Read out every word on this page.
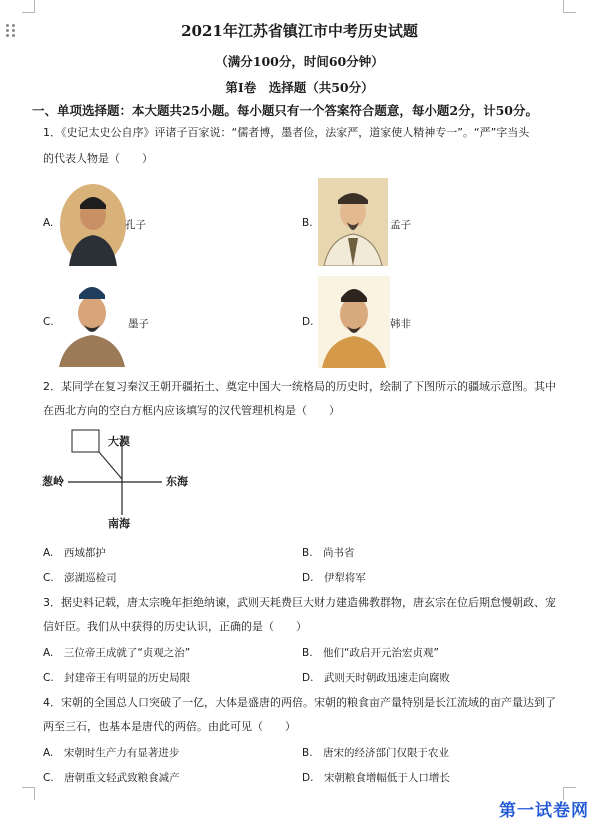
2021年江苏省镇江市中考历史试题
（满分100分，时间60分钟）
第Ⅰ卷　选择题（共50分）
一、单项选择题：本大题共25小题。每小题只有一个答案符合题意，每小题2分，计50分。
1．《史记太史公自序》评诸子百家说：“儒者博，墨者俭，法家严，道家使人精神专一”。“严”字当头
的代表人物是（　　）
A.	孔子	B.	孟子
C.	墨子	D.	韩非
2．某同学在复习秦汉王朝开疆拓土、奠定中国大一统格局的历史时，绘制了下图所示的疆域示意图。其中
在西北方向的空白方框内应该填写的汉代管理机构是（　　）
大漠
葱岭	东海
南海
A.　 西域都护	B.　 尚书省
C.　 澎湖巡检司	D.　 伊犁将军
3．据史料记载，唐太宗晚年拒绝纳谏，武则天耗费巨大财力建造佛教群物，唐玄宗在位后期怠慢朝政、宠
信奸臣。我们从中获得的历史认识，正确的是（　　）
A.　 三位帝王成就了“贞观之治”	B.　 他们“政启开元治宏贞观”
C.　 封建帝王有明显的历史局限	D.　 武则天时朝政迅速走向腐败
4．宋朝的全国总人口突破了一亿，大体是盛唐的两倍。宋朝的粮食亩产量特别是长江流域的亩产量达到了
两至三石，也基本是唐代的两倍。由此可见（　　）
A.　 宋朝时生产力有显著进步	B.　 唐宋的经济部门仅限于农业
C.　 唐朝重文轻武致粮食减产	D.　 宋朝粮食增幅低于人口增长
第一试卷网
